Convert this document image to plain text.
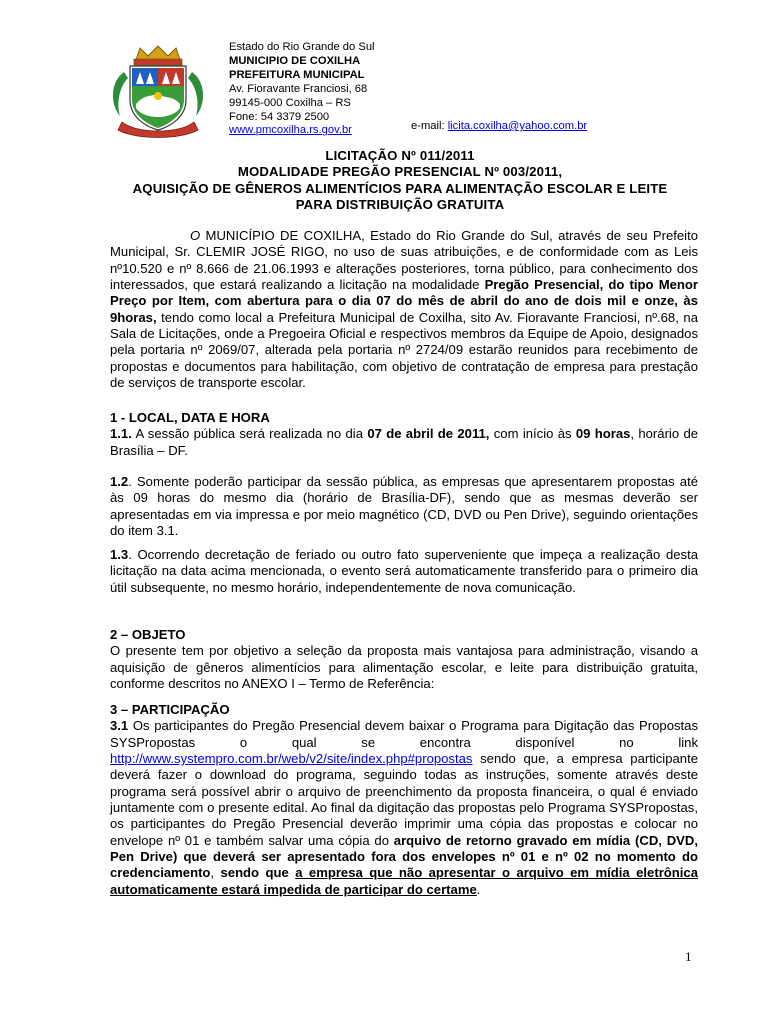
Estado do Rio Grande do Sul
MUNICIPIO DE COXILHA
PREFEITURA MUNICIPAL
Av. Fioravante Franciosi, 68
99145-000 Coxilha – RS
Fone: 54 3379 2500
www.pmcoxilha.rs.gov.br	e-mail: licita.coxilha@yahoo.com.br
LICITAÇÃO Nº 011/2011
MODALIDADE PREGÃO PRESENCIAL Nº 003/2011,
AQUISIÇÃO DE GÊNEROS ALIMENTÍCIOS PARA ALIMENTAÇÃO ESCOLAR E LEITE
PARA DISTRIBUIÇÃO GRATUITA

O MUNICÍPIO DE COXILHA, Estado do Rio Grande do Sul, através de seu Prefeito Municipal, Sr. CLEMIR JOSÉ RIGO, no uso de suas atribuições, e de conformidade com as Leis nº10.520 e nº 8.666 de 21.06.1993 e alterações posteriores, torna público, para conhecimento dos interessados, que estará realizando a licitação na modalidade Pregão Presencial, do tipo Menor Preço por Item, com abertura para o dia 07 do mês de abril do ano de dois mil e onze, às 9horas, tendo como local a Prefeitura Municipal de Coxilha, sito Av. Fioravante Franciosi, nº.68, na Sala de Licitações, onde a Pregoeira Oficial e respectivos membros da Equipe de Apoio, designados pela portaria nº 2069/07, alterada pela portaria nº 2724/09 estarão reunidos para recebimento de propostas e documentos para habilitação, com objetivo de contratação de empresa para prestação de serviços de transporte escolar.

1 - LOCAL, DATA E HORA

1.1. A sessão pública será realizada no dia 07 de abril de 2011, com início às 09 horas, horário de Brasília – DF.

1.2. Somente poderão participar da sessão pública, as empresas que apresentarem propostas até às 09 horas do mesmo dia (horário de Brasília-DF), sendo que as mesmas deverão ser apresentadas em via impressa e por meio magnético (CD, DVD ou Pen Drive), seguindo orientações do item 3.1.

1.3. Ocorrendo decretação de feriado ou outro fato superveniente que impeça a realização desta licitação na data acima mencionada, o evento será automaticamente transferido para o primeiro dia útil subsequente, no mesmo horário, independentemente de nova comunicação.

2 – OBJETO

O presente tem por objetivo a seleção da proposta mais vantajosa para administração, visando a aquisição de gêneros alimentícios para alimentação escolar, e leite para distribuição gratuita, conforme descritos no ANEXO I – Termo de Referência:

3 – PARTICIPAÇÃO

3.1 Os participantes do Pregão Presencial devem baixar o Programa para Digitação das Propostas SYSPropostas o qual se encontra disponível no link http://www.systempro.com.br/web/v2/site/index.php#propostas sendo que, a empresa participante deverá fazer o download do programa, seguindo todas as instruções, somente através deste programa será possível abrir o arquivo de preenchimento da proposta financeira, o qual é enviado juntamente com o presente edital. Ao final da digitação das propostas pelo Programa SYSPropostas, os participantes do Pregão Presencial deverão imprimir uma cópia das propostas e colocar no envelope nº 01 e também salvar uma cópia do arquivo de retorno gravado em mídia (CD, DVD, Pen Drive) que deverá ser apresentado fora dos envelopes nº 01 e nº 02 no momento do credenciamento, sendo que a empresa que não apresentar o arquivo em mídia eletrônica automaticamente estará impedida de participar do certame.

1
